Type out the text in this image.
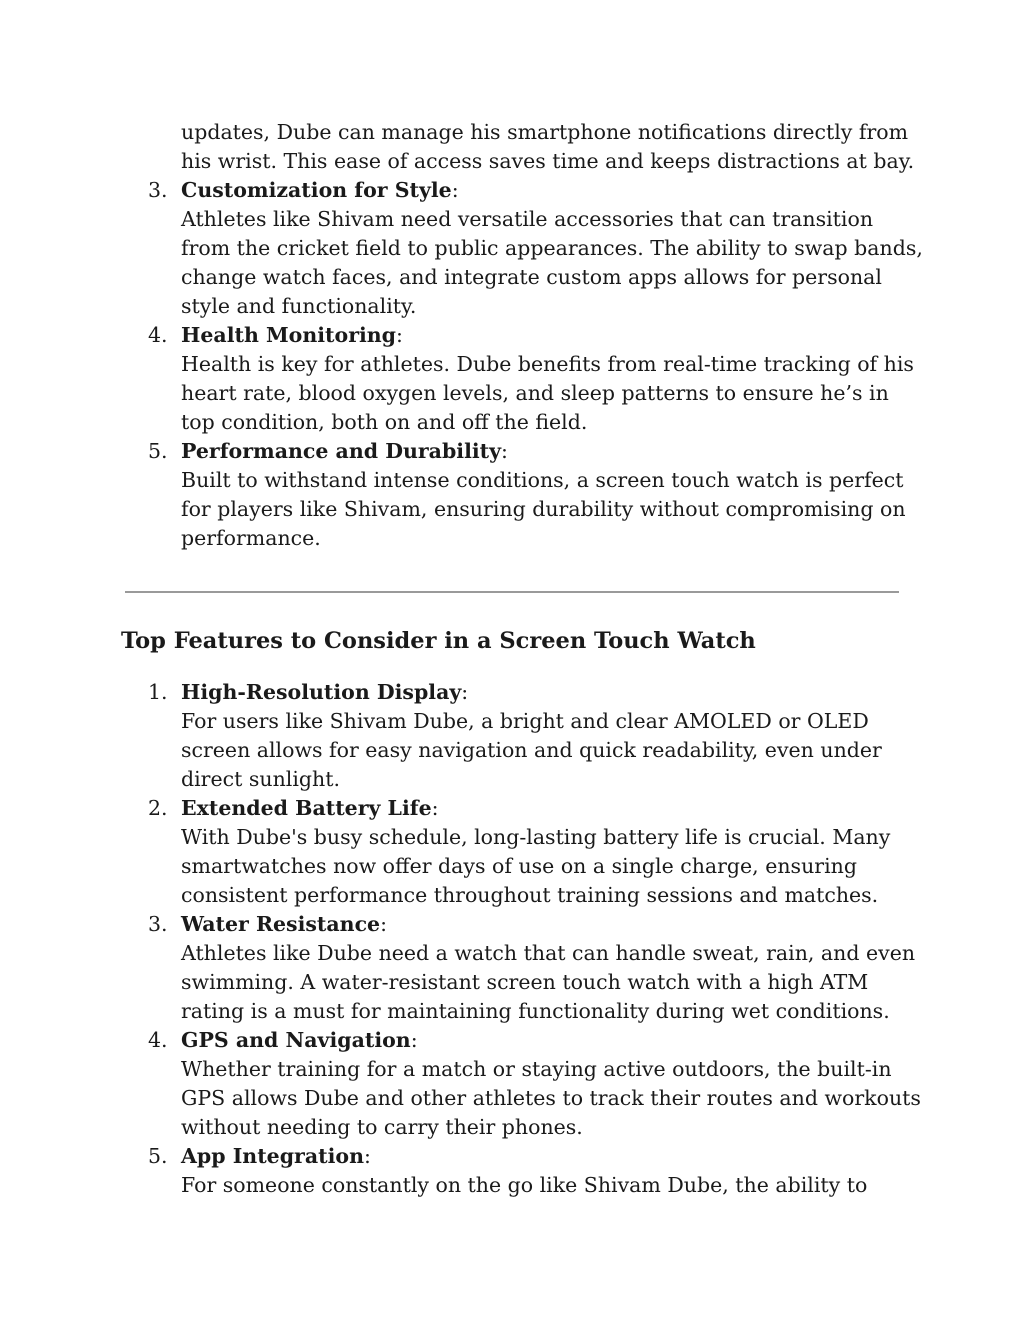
updates, Dube can manage his smartphone notifications directly from his wrist. This ease of access saves time and keeps distractions at bay.
3. Customization for Style:
Athletes like Shivam need versatile accessories that can transition from the cricket field to public appearances. The ability to swap bands, change watch faces, and integrate custom apps allows for personal style and functionality.
4. Health Monitoring:
Health is key for athletes. Dube benefits from real-time tracking of his heart rate, blood oxygen levels, and sleep patterns to ensure he’s in top condition, both on and off the field.
5. Performance and Durability:
Built to withstand intense conditions, a screen touch watch is perfect for players like Shivam, ensuring durability without compromising on performance.
Top Features to Consider in a Screen Touch Watch
1. High-Resolution Display:
For users like Shivam Dube, a bright and clear AMOLED or OLED screen allows for easy navigation and quick readability, even under direct sunlight.
2. Extended Battery Life:
With Dube's busy schedule, long-lasting battery life is crucial. Many smartwatches now offer days of use on a single charge, ensuring consistent performance throughout training sessions and matches.
3. Water Resistance:
Athletes like Dube need a watch that can handle sweat, rain, and even swimming. A water-resistant screen touch watch with a high ATM rating is a must for maintaining functionality during wet conditions.
4. GPS and Navigation:
Whether training for a match or staying active outdoors, the built-in GPS allows Dube and other athletes to track their routes and workouts without needing to carry their phones.
5. App Integration:
For someone constantly on the go like Shivam Dube, the ability to
